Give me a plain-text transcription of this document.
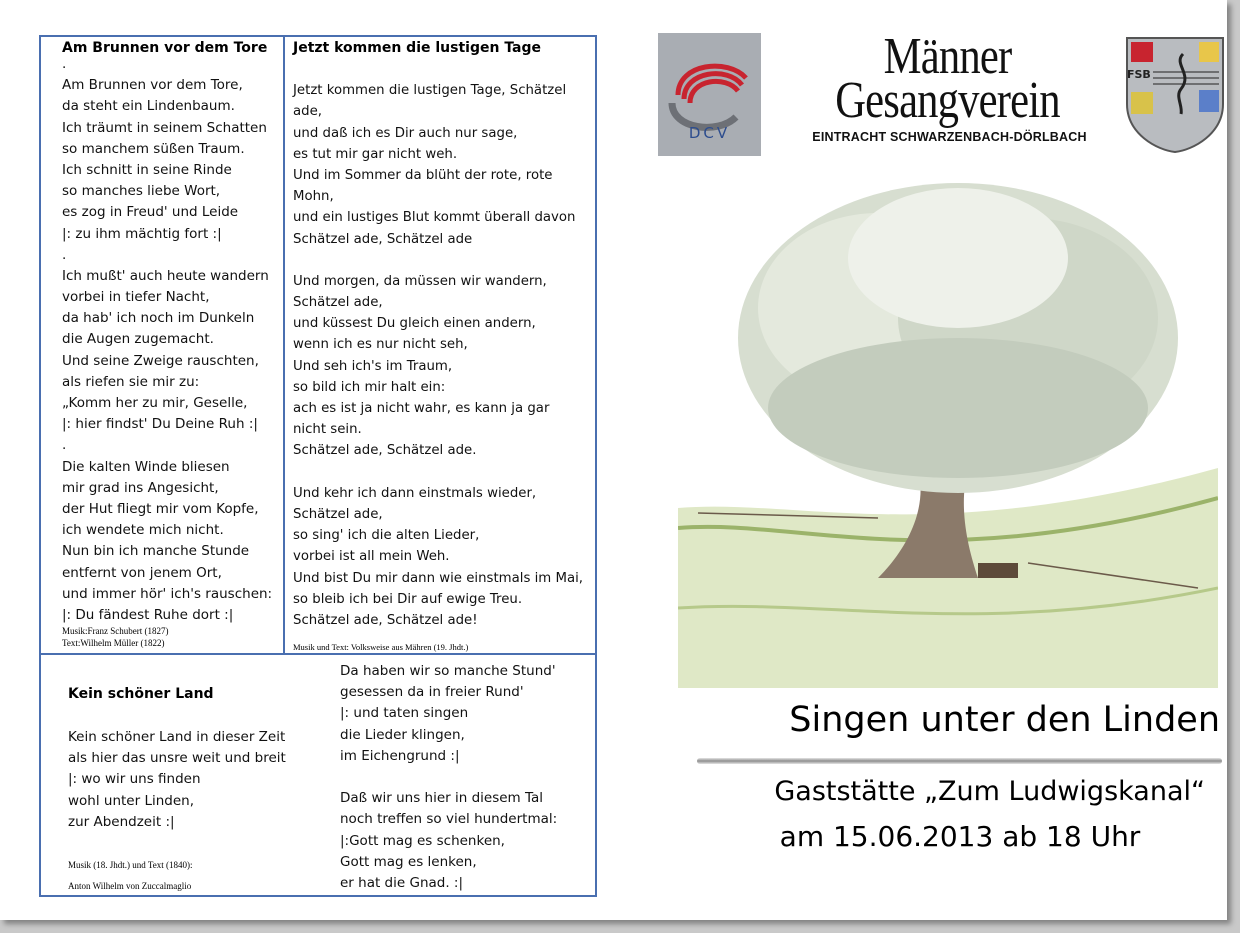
Am Brunnen vor dem Tore
.
Am Brunnen vor dem Tore,
da steht ein Lindenbaum.
Ich träumt in seinem Schatten
so manchem süßen Traum.
Ich schnitt in seine Rinde
so manches liebe Wort,
es zog in Freud' und Leide
|: zu ihm mächtig fort :|
.
Ich mußt' auch heute wandern
vorbei in tiefer Nacht,
da hab' ich noch im Dunkeln
die Augen zugemacht.
Und seine Zweige rauschten,
als riefen sie mir zu:
„Komm her zu mir, Geselle,
|: hier findst' Du Deine Ruh :|
.
Die kalten Winde bliesen
mir grad ins Angesicht,
der Hut fliegt mir vom Kopfe,
ich wendete mich nicht.
Nun bin ich manche Stunde
entfernt von jenem Ort,
und immer hör' ich's rauschen:
|: Du fändest Ruhe dort :|
Musik:Franz Schubert (1827)
Text:Wilhelm Müller (1822)
Jetzt kommen die lustigen Tage
Jetzt kommen die lustigen Tage, Schätzel
ade,
und daß ich es Dir auch nur sage,
es tut mir gar nicht weh.
Und im Sommer da blüht der rote, rote
Mohn,
und ein lustiges Blut kommt überall davon
Schätzel ade, Schätzel ade
Und morgen, da müssen wir wandern,
Schätzel ade,
und küssest Du gleich einen andern,
wenn ich es nur nicht seh,
Und seh ich's im Traum,
so bild ich mir halt ein:
ach es ist ja nicht wahr, es kann ja gar
nicht sein.
Schätzel ade, Schätzel ade.
Und kehr ich dann einstmals wieder,
Schätzel ade,
so sing' ich die alten Lieder,
vorbei ist all mein Weh.
Und bist Du mir dann wie einstmals im Mai,
so bleib ich bei Dir auf ewige Treu.
Schätzel ade, Schätzel ade!
Musik und Text: Volksweise aus Mähren (19. Jhdt.)
Kein schöner Land
Kein schöner Land in dieser Zeit
als hier das unsre weit und breit
|: wo wir uns finden
wohl unter Linden,
zur Abendzeit :|
Da haben wir so manche Stund'
gesessen da in freier Rund'
|: und taten singen
die Lieder klingen,
im Eichengrund :|
Daß wir uns hier in diesem Tal
noch treffen so viel hundertmal:
|:Gott mag es schenken,
Gott mag es lenken,
er hat die Gnad. :|
Musik (18. Jhdt.) und Text (1840):
Anton Wilhelm von Zuccalmaglio
DCV
Männer
Gesangverein
EINTRACHT SCHWARZENBACH-DÖRLBACH
FSB
Singen unter den Linden
Gaststätte „Zum Ludwigskanal“
am 15.06.2013 ab 18 Uhr
